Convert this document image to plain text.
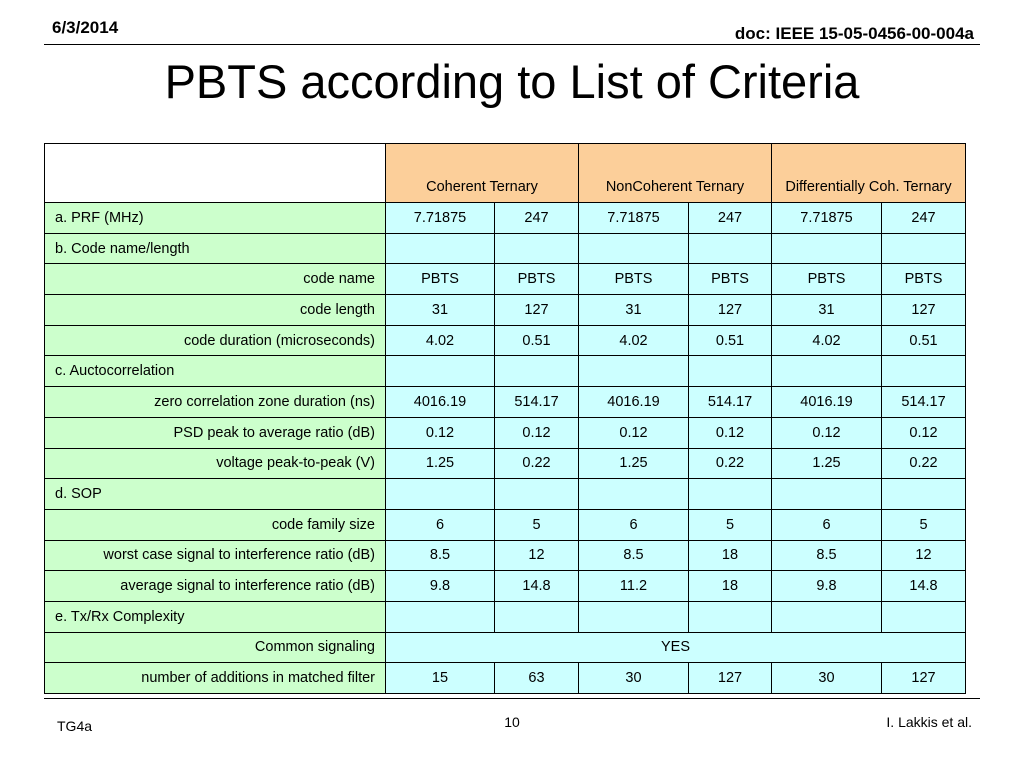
6/3/2014	doc: IEEE 15-05-0456-00-004a
PBTS according to List of Criteria
	Coherent Ternary		NonCoherent Ternary		Differentially Coh. Ternary	
a. PRF (MHz)	7.71875	247	7.71875	247	7.71875	247
b. Code name/length						
code name	PBTS	PBTS	PBTS	PBTS	PBTS	PBTS
code length	31	127	31	127	31	127
code duration (microseconds)	4.02	0.51	4.02	0.51	4.02	0.51
c. Auctocorrelation						
zero correlation zone duration (ns)	4016.19	514.17	4016.19	514.17	4016.19	514.17
PSD peak to average ratio (dB)	0.12	0.12	0.12	0.12	0.12	0.12
voltage peak-to-peak (V)	1.25	0.22	1.25	0.22	1.25	0.22
d. SOP						
code family size	6	5	6	5	6	5
worst case signal to interference ratio (dB)	8.5	12	8.5	18	8.5	12
average signal to interference ratio (dB)	9.8	14.8	11.2	18	9.8	14.8
e. Tx/Rx Complexity						
Common signaling	YES					
number of additions in matched filter	15	63	30	127	30	127
TG4a	10	I. Lakkis et al.
